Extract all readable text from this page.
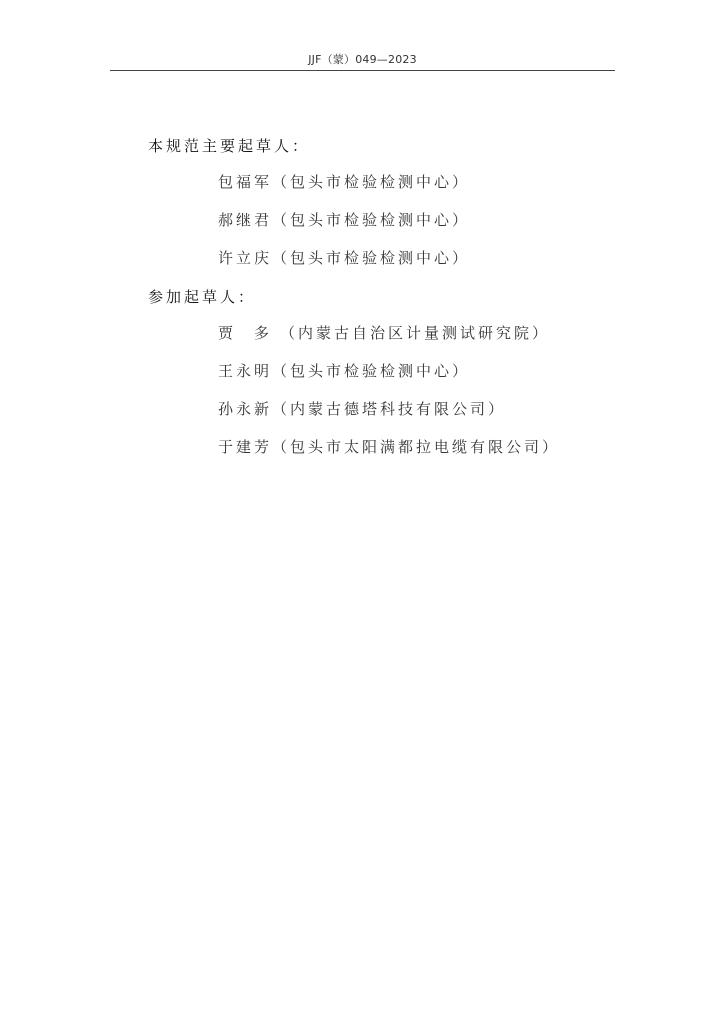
JJF（蒙）049—2023
本规范主要起草人：
包福军（包头市检验检测中心）
郝继君（包头市检验检测中心）
许立庆（包头市检验检测中心）
参加起草人：
贾　多 （内蒙古自治区计量测试研究院）
王永明（包头市检验检测中心）
孙永新（内蒙古德塔科技有限公司）
于建芳（包头市太阳满都拉电缆有限公司）
